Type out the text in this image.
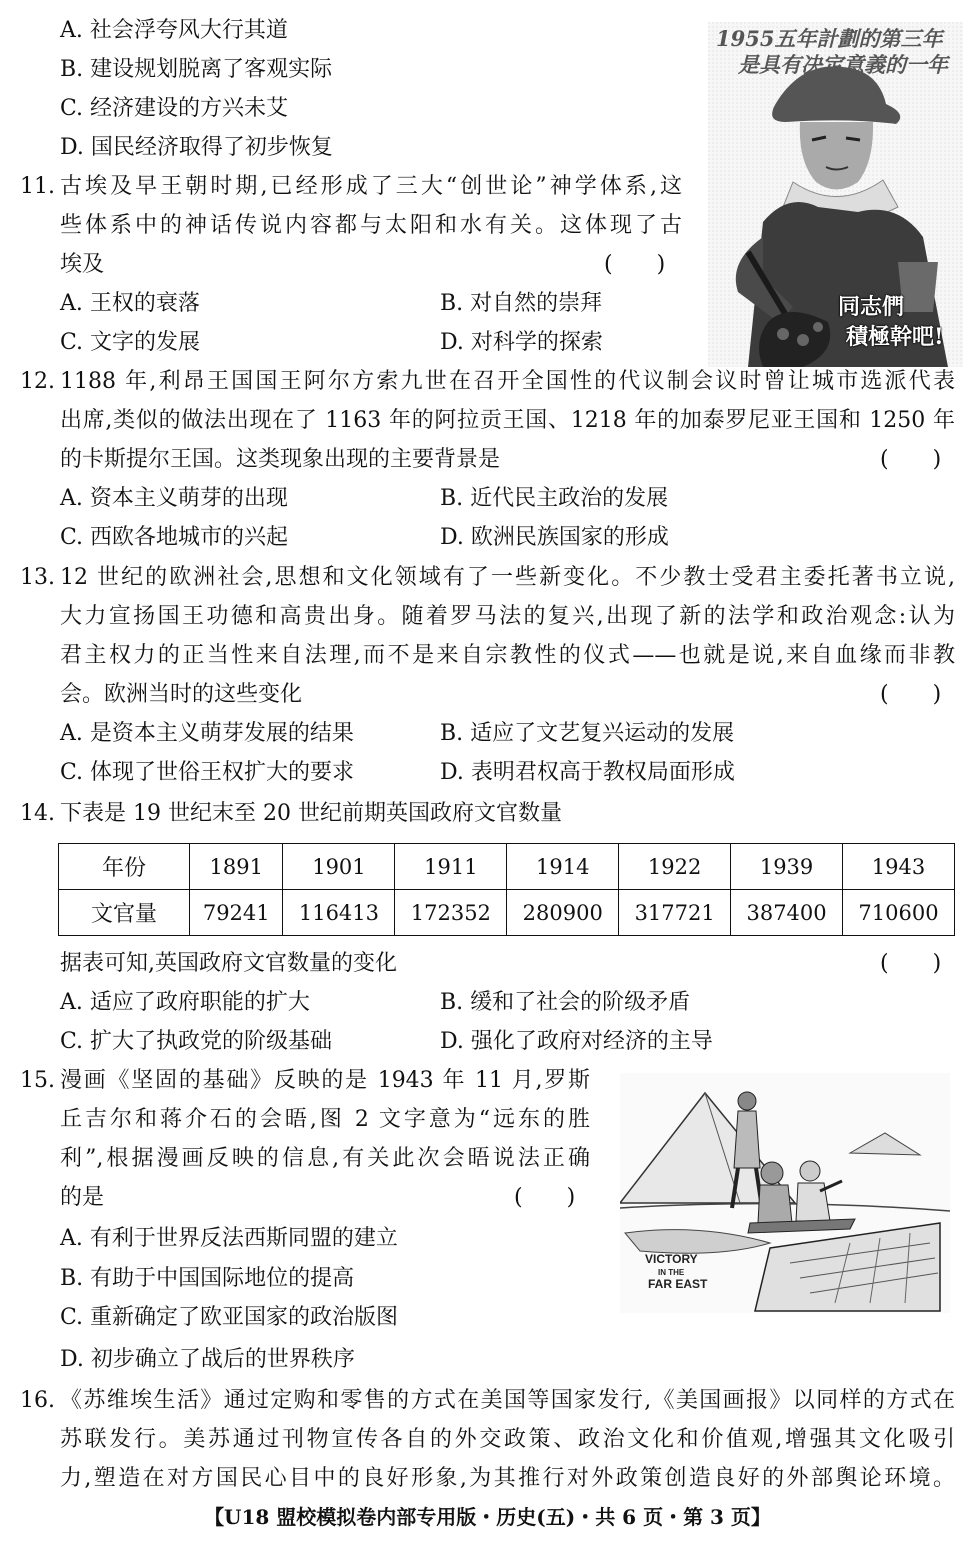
A. 社会浮夸风大行其道
B. 建设规划脱离了客观实际
C. 经济建设的方兴未艾
D. 国民经济取得了初步恢复
1955五年計劃的第三年
是具有决定意義的一年
同志們
積極幹吧!
11. 古埃及早王朝时期,已经形成了三大“创世论”神学体系,这
些体系中的神话传说内容都与太阳和水有关。这体现了古
埃及	(　　)
A. 王权的衰落	B. 对自然的崇拜
C. 文字的发展	D. 对科学的探索
12. 1188 年,利昂王国国王阿尔方索九世在召开全国性的代议制会议时曾让城市选派代表
出席,类似的做法出现在了 1163 年的阿拉贡王国、1218 年的加泰罗尼亚王国和 1250 年
的卡斯提尔王国。这类现象出现的主要背景是	(　　)
A. 资本主义萌芽的出现	B. 近代民主政治的发展
C. 西欧各地城市的兴起	D. 欧洲民族国家的形成
13. 12 世纪的欧洲社会,思想和文化领域有了一些新变化。不少教士受君主委托著书立说,
大力宣扬国王功德和高贵出身。随着罗马法的复兴,出现了新的法学和政治观念:认为
君主权力的正当性来自法理,而不是来自宗教性的仪式——也就是说,来自血缘而非教
会。欧洲当时的这些变化	(　　)
A. 是资本主义萌芽发展的结果	B. 适应了文艺复兴运动的发展
C. 体现了世俗王权扩大的要求	D. 表明君权高于教权局面形成
14. 下表是 19 世纪末至 20 世纪前期英国政府文官数量
年份	1891	1901	1911	1914	1922	1939	1943
文官量	79241	116413	172352	280900	317721	387400	710600
据表可知,英国政府文官数量的变化	(　　)
A. 适应了政府职能的扩大	B. 缓和了社会的阶级矛盾
C. 扩大了执政党的阶级基础	D. 强化了政府对经济的主导
15. 漫画《坚固的基础》反映的是 1943 年 11 月,罗斯
丘吉尔和蒋介石的会晤,图 2 文字意为“远东的胜
利”,根据漫画反映的信息,有关此次会晤说法正确
的是	(　　)
A. 有利于世界反法西斯同盟的建立
B. 有助于中国国际地位的提高
C. 重新确定了欧亚国家的政治版图
D. 初步确立了战后的世界秩序
VICTORY
IN THE
FAR EAST
16. 《苏维埃生活》通过定购和零售的方式在美国等国家发行,《美国画报》以同样的方式在
苏联发行。美苏通过刊物宣传各自的外交政策、政治文化和价值观,增强其文化吸引
力,塑造在对方国民心目中的良好形象,为其推行对外政策创造良好的外部舆论环境。
【U18 盟校模拟卷内部专用版・历史(五)・共 6 页・第 3 页】
